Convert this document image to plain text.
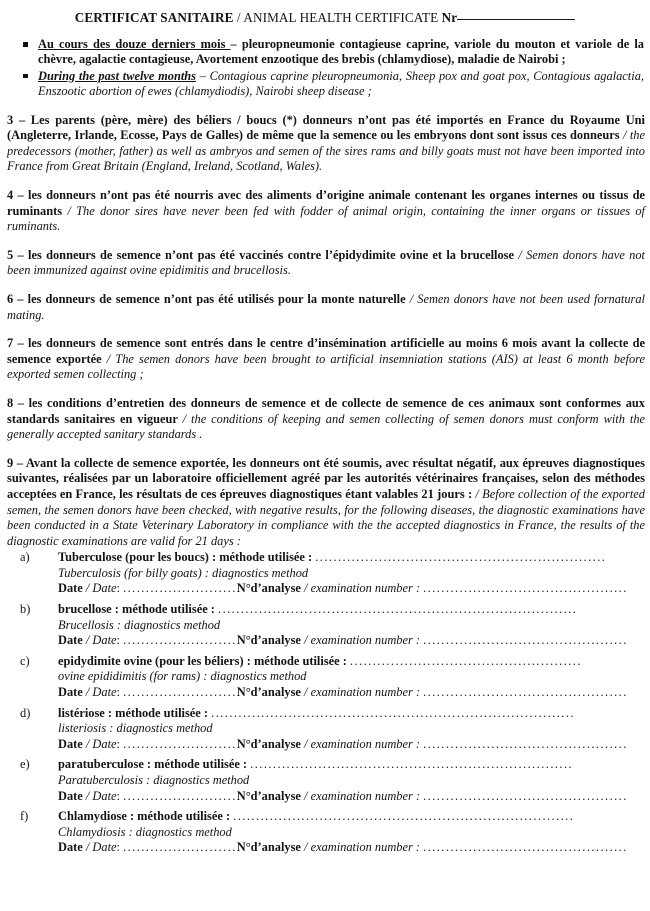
CERTIFICAT SANITAIRE / ANIMAL HEALTH CERTIFICATE Nr
Au cours des douze derniers mois – pleuropneumonie contagieuse caprine, variole du mouton et variole de la chèvre, agalactie contagieuse, Avortement enzootique des brebis (chlamydiose), maladie de Nairobi ;
During the past twelve months – Contagious caprine pleuropneumonia, Sheep pox and goat pox, Contagious agalactia, Enszootic abortion of ewes (chlamydiodis), Nairobi sheep disease ;
3 – Les parents (père, mère) des béliers / boucs (*) donneurs n’ont pas été importés en France du Royaume Uni (Angleterre, Irlande, Ecosse, Pays de Galles) de même que la semence ou les embryons dont sont issus ces donneurs / the predecessors (mother, father) as well as ambryos and semen of the sires rams and billy goats must not have been imported into France from Great Britain (England, Ireland, Scotland, Wales).
4 – les donneurs n’ont pas été nourris avec des aliments d’origine animale contenant les organes internes ou tissus de ruminants / The donor sires have never been fed with fodder of animal origin, containing the inner organs or tissues of ruminants.
5 – les donneurs de semence n’ont pas été vaccinés contre l’épidydimite ovine et la brucellose / Semen donors have not been immunized against ovine epidimitis and brucellosis.
6 – les donneurs de semence n’ont pas été utilisés pour la monte naturelle / Semen donors have not been used fornatural mating.
7 – les donneurs de semence sont entrés dans le centre d’insémination artificielle au moins 6 mois avant la collecte de semence exportée / The semen donors have been brought to artificial insemniation stations (AIS) at least 6 month before exported semen collecting ;
8 – les conditions d’entretien des donneurs de semence et de collecte de semence de ces animaux sont conformes aux standards sanitaires en vigueur / the conditions of keeping and semen collecting of semen donors must conform with the generally accepted sanitary standards .
9 – Avant la collecte de semence exportée, les donneurs ont été soumis, avec résultat négatif, aux épreuves diagnostiques suivantes, réalisées par un laboratoire officiellement agréé par les autorités vétérinaires françaises, selon des méthodes acceptées en France, les résultats de ces épreuves diagnostiques étant valables 21 jours : / Before collection of the exported semen, the semen donors have been checked, with negative results, for the following diseases, the diagnostic examinations have been conducted in a State Veterinary Laboratory in compliance with the the accepted diagnostics in France, the results of the diagnostic examinations are valid for 21 days :
a) Tuberculose (pour les boucs) : méthode utilisée : ................................................................
Tuberculosis (for billy goats) : diagnostics method
Date / Date: .........................N°d’analyse / examination number : .............................................
b) brucellose : méthode utilisée : ...............................................................................
Brucellosis : diagnostics method
Date / Date: .........................N°d’analyse / examination number : .............................................
c) epidydimite ovine (pour les béliers) : méthode utilisée : ...................................................
ovine epididimitis (for rams) : diagnostics method
Date / Date: .........................N°d’analyse / examination number : .............................................
d) listériose : méthode utilisée : ................................................................................
listeriosis : diagnostics method
Date / Date: .........................N°d’analyse / examination number : .............................................
e) paratuberculose : méthode utilisée : .......................................................................
Paratuberculosis : diagnostics method
Date / Date: .........................N°d’analyse / examination number : .............................................
f) Chlamydiose : méthode utilisée : ...........................................................................
Chlamydiosis : diagnostics method
Date / Date: .........................N°d’analyse / examination number : .............................................
